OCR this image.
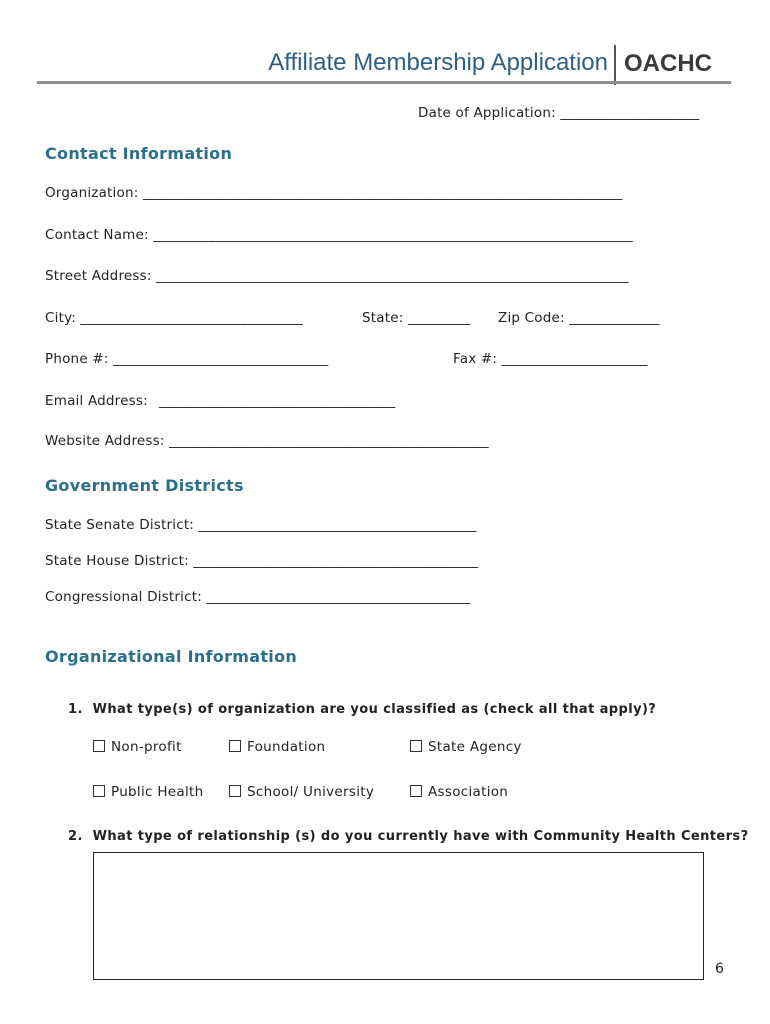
Affiliate Membership Application OACHC
Date of Application: ____________________
Contact Information
Organization: _____________________________________________________________________
Contact Name: _____________________________________________________________________
Street Address: ____________________________________________________________________
City: ________________________________	State: _________ Zip Code: _____________
Phone #: _______________________________	Fax #: _____________________
Email Address: __________________________________
Website Address: ______________________________________________
Government Districts
State Senate District: ________________________________________
State House District: _________________________________________
Congressional District: ______________________________________
Organizational Information
1.  What type(s) of organization are you classified as (check all that apply)?
Non-profit	Foundation	State Agency
Public Health	School/ University	Association
2.  What type of relationship (s) do you currently have with Community Health Centers?
6
